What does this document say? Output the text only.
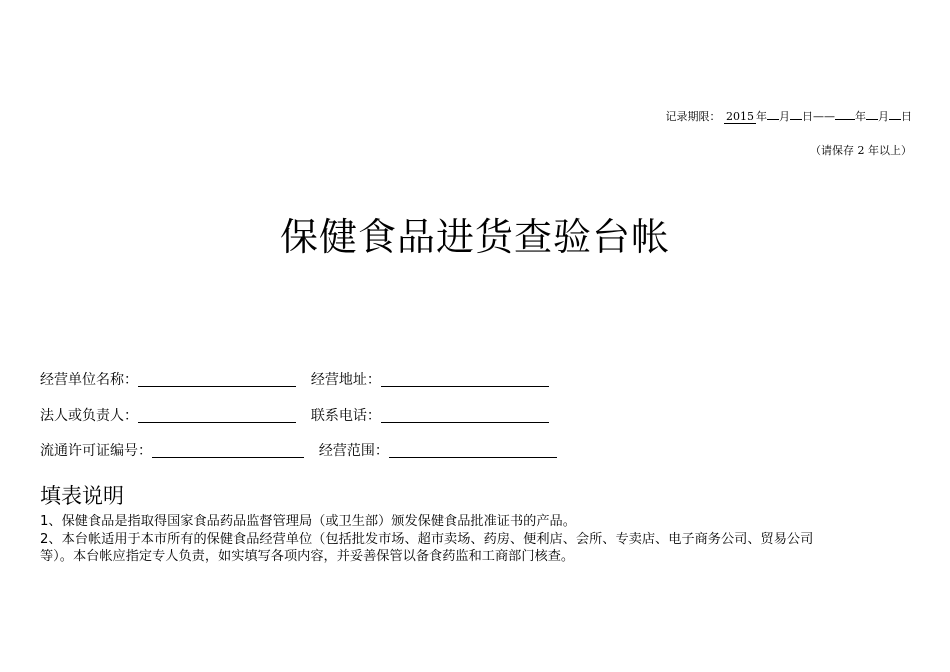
记录期限： 2015 年 月 日—— 年 月 日
（请保存 2 年以上）
保健食品进货查验台帐
经营单位名称：	经营地址：
法人或负责人：	联系电话：
流通许可证编号：	经营范围：
填表说明
1、保健食品是指取得国家食品药品监督管理局（或卫生部）颁发保健食品批准证书的产品。
2、本台帐适用于本市所有的保健食品经营单位（包括批发市场、超市卖场、药房、便利店、会所、专卖店、电子商务公司、贸易公司
等）。本台帐应指定专人负责，如实填写各项内容，并妥善保管以备食药监和工商部门核查。
